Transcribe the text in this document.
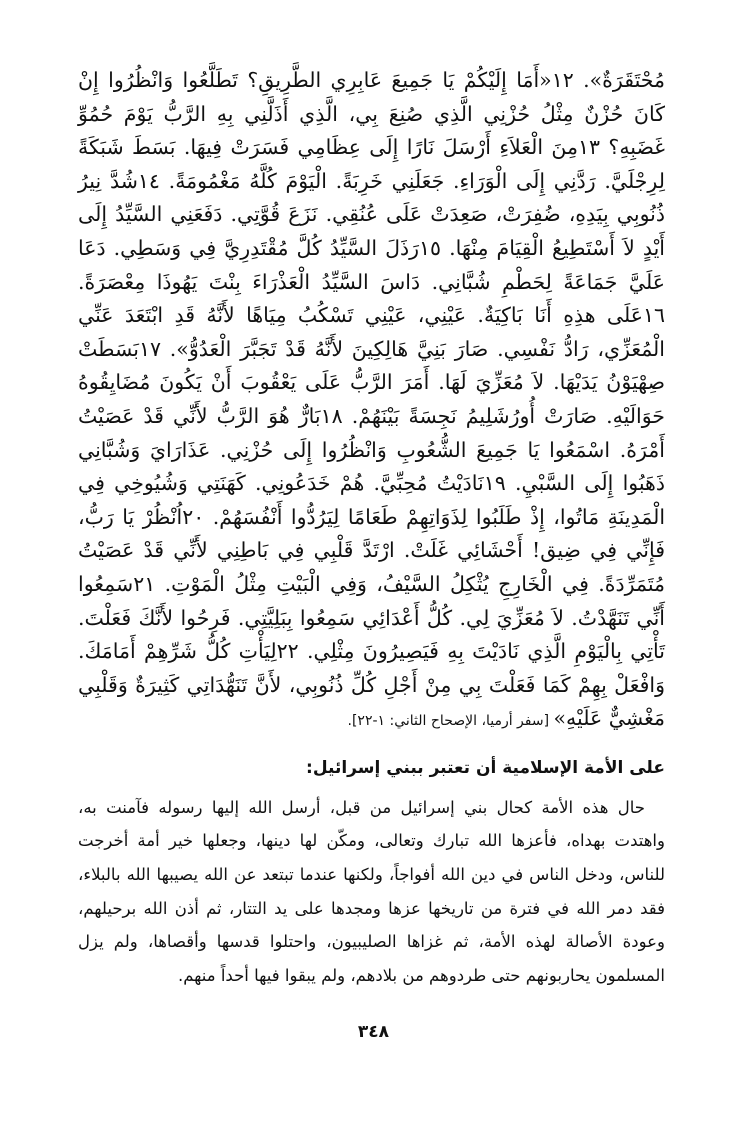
مُحْتَقَرَةٌ». ١٢«أَمَا إِلَيْكُمْ يَا جَمِيعَ عَابِرِي الطَّرِيقِ؟ تَطَلَّعُوا وَانْظُرُوا إِنْ كَانَ حُزْنٌ مِثْلُ حُزْنِي الَّذِي صُنِعَ بِي، الَّذِي أَذَلَّنِي بِهِ الرَّبُّ يَوْمَ حُمُوِّ غَضَبِهِ؟ ١٣مِنَ الْعَلاَءِ أَرْسَلَ نَارًا إِلَى عِظَامِي فَسَرَتْ فِيهَا. بَسَطَ شَبَكَةً لِرِجْلَيَّ. رَدَّنِي إِلَى الْوَرَاءِ. جَعَلَنِي خَرِبَةً. الْيَوْمَ كُلَّهُ مَغْمُومَةً. ١٤شُدَّ نِيرُ ذُنُوبِي بِيَدِهِ، ضُفِرَتْ، صَعِدَتْ عَلَى عُنُقِي. نَزَعَ قُوَّتِي. دَفَعَنِي السَّيِّدُ إِلَى أَيْدٍ لاَ أَسْتَطِيعُ الْقِيَامَ مِنْهَا. ١٥رَذَلَ السَّيِّدُ كُلَّ مُقْتَدِرِيَّ فِي وَسَطِي. دَعَا عَلَيَّ جَمَاعَةً لِحَطْمِ شُبَّانِي. دَاسَ السَّيِّدُ الْعَذْرَاءَ بِنْتَ يَهُوذَا مِعْصَرَةً. ١٦عَلَى هذِهِ أَنَا بَاكِيَةٌ. عَيْنِي، عَيْنِي تَسْكُبُ مِيَاهًا لأَنَّهُ قَدِ ابْتَعَدَ عَنِّي الْمُعَزِّي، رَادُّ نَفْسِي. صَارَ بَنِيَّ هَالِكِينَ لأَنَّهُ قَدْ تَجَبَّرَ الْعَدُوُّ». ١٧بَسَطَتْ صِهْيَوْنُ يَدَيْهَا. لاَ مُعَزِّيَ لَهَا. أَمَرَ الرَّبُّ عَلَى يَعْقُوبَ أَنْ يَكُونَ مُضَايِقُوهُ حَوَالَيْهِ. صَارَتْ أُورُشَلِيمُ نَجِسَةً بَيْنَهُمْ. ١٨بَارٌّ هُوَ الرَّبُّ لأَنِّي قَدْ عَصَيْتُ أَمْرَهُ. اسْمَعُوا يَا جَمِيعَ الشُّعُوبِ وَانْظُرُوا إِلَى حُزْنِي. عَذَارَايَ وَشُبَّانِي ذَهَبُوا إِلَى السَّبْيِ. ١٩نَادَيْتُ مُحِبِّيَّ. هُمْ خَدَعُونِي. كَهَنَتِي وَشُيُوخِي فِي الْمَدِينَةِ مَاتُوا، إِذْ طَلَبُوا لِذَوَاتِهِمْ طَعَامًا لِيَرُدُّوا أَنْفُسَهُمْ. ٢٠اُنْظُرْ يَا رَبُّ، فَإِنِّي فِي ضِيق! أَحْشَائِي غَلَتْ. ارْتَدَّ قَلْبِي فِي بَاطِنِي لأَنِّي قَدْ عَصَيْتُ مُتَمَرِّدَةً. فِي الْخَارِجِ يُثْكِلُ السَّيْفُ، وَفِي الْبَيْتِ مِثْلُ الْمَوْتِ. ٢١سَمِعُوا أَنِّي تَنَهَّدْتُ. لاَ مُعَزِّيَ لِي. كُلُّ أَعْدَائِي سَمِعُوا بِبَلِيَّتِي. فَرِحُوا لأَنَّكَ فَعَلْتَ. تَأْتِي بِالْيَوْمِ الَّذِي نَادَيْتَ بِهِ فَيَصِيرُونَ مِثْلِي. ٢٢لِيَأْتِ كُلُّ شَرِّهِمْ أَمَامَكَ. وَافْعَلْ بِهِمْ كَمَا فَعَلْتَ بِي مِنْ أَجْلِ كُلِّ ذُنُوبِي، لأَنَّ تَنَهُّدَاتِي كَثِيرَةٌ وَقَلْبِي مَغْشِيٌّ عَلَيْهِ» [سفر أرميا، الإصحاح الثاني: ١-٢٢].

على الأمة الإسلامية أن تعتبر ببني إسرائيل:

حال هذه الأمة كحال بني إسرائيل من قبل، أرسل الله إليها رسوله فآمنت به، واهتدت بهداه، فأعزها الله تبارك وتعالى، ومكّن لها دينها، وجعلها خير أمة أخرجت للناس، ودخل الناس في دين الله أفواجاً، ولكنها عندما تبتعد عن الله يصيبها الله بالبلاء، فقد دمر الله في فترة من تاريخها عزها ومجدها على يد التتار، ثم أذن الله برحيلهم، وعودة الأصالة لهذه الأمة، ثم غزاها الصليبيون، واحتلوا قدسها وأقصاها، ولم يزل المسلمون يحاربونهم حتى طردوهم من بلادهم، ولم يبقوا فيها أحداً منهم.

٣٤٨
